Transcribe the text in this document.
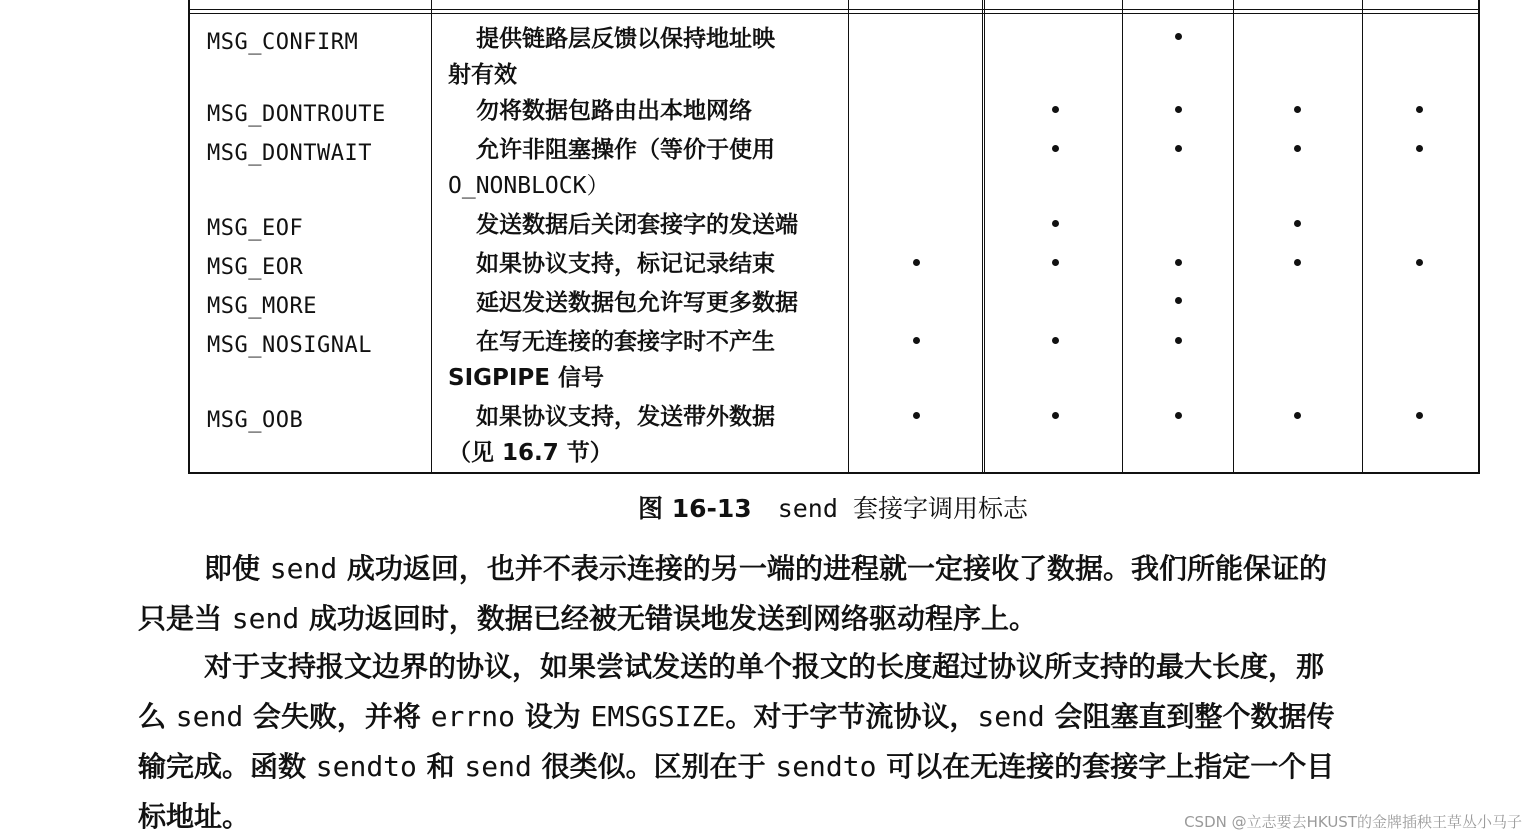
MSG_CONFIRM
MSG_DONTROUTE
MSG_DONTWAIT
MSG_EOF
MSG_EOR
MSG_MORE
MSG_NOSIGNAL
MSG_OOB
提供链路层反馈以保持地址映
射有效
勿将数据包路由出本地网络
允许非阻塞操作（等价于使用
O_NONBLOCK）
发送数据后关闭套接字的发送端
如果协议支持，标记记录结束
延迟发送数据包允许写更多数据
在写无连接的套接字时不产生
SIGPIPE 信号
如果协议支持，发送带外数据
（见 16.7 节）
图 16-13 send 套接字调用标志
即使 send 成功返回，也并不表示连接的另一端的进程就一定接收了数据。我们所能保证的
只是当 send 成功返回时，数据已经被无错误地发送到网络驱动程序上。
对于支持报文边界的协议，如果尝试发送的单个报文的长度超过协议所支持的最大长度，那
么 send 会失败，并将 errno 设为 EMSGSIZE。对于字节流协议，send 会阻塞直到整个数据传
输完成。函数 sendto 和 send 很类似。区别在于 sendto 可以在无连接的套接字上指定一个目
标地址。	CSDN @立志要去HKUST的金牌插秧王草丛小马子
